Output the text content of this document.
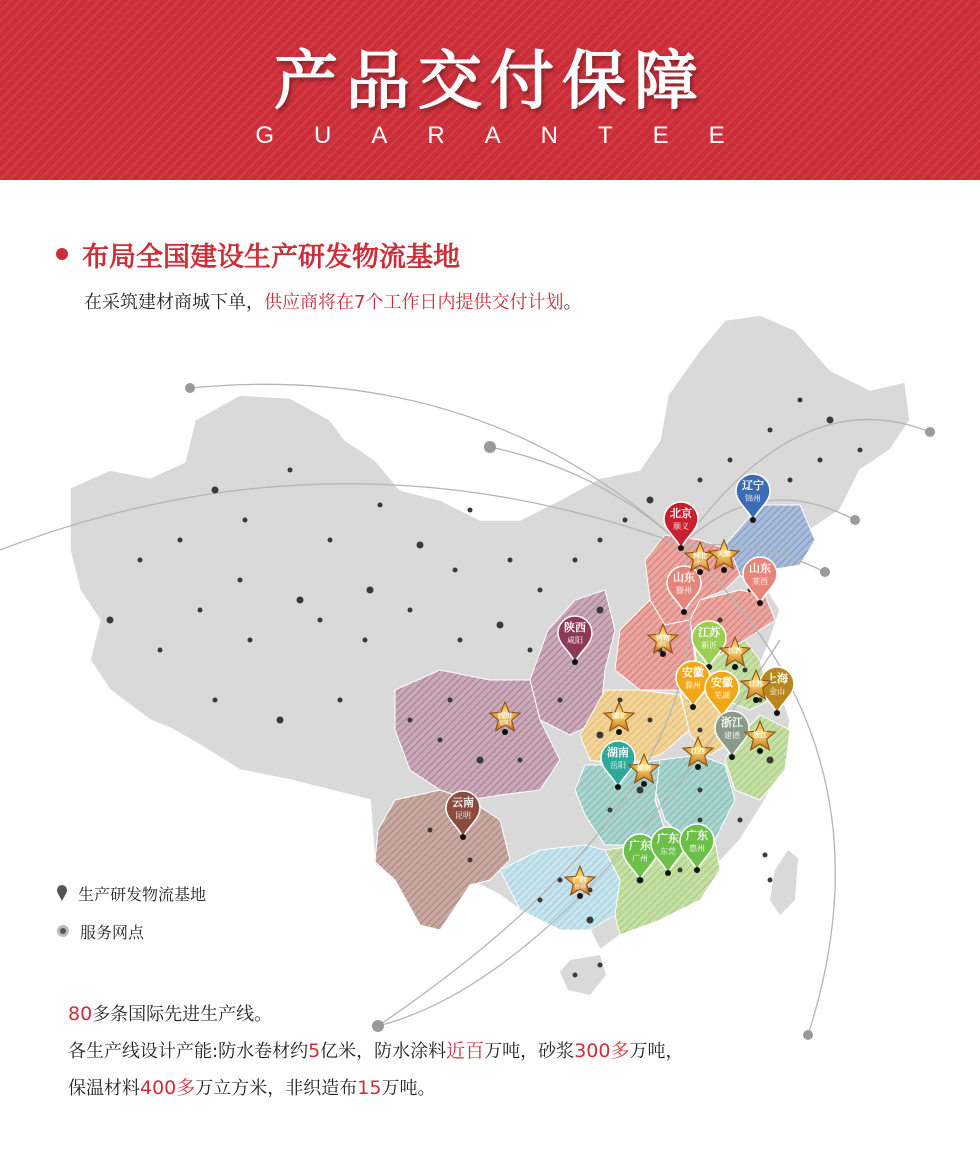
产品交付保障
GUARANTEE
布局全国建设生产研发物流基地
在采筑建材商城下单，供应商将在7个工作日内提供交付计划。
北京
顺义
辽宁
锦州
山东
滕州
山东
莱西
陕西
咸阳
江苏
新沂
安徽
滁州 安徽
芜湖
上海
金山
浙江
建德
湖南
岳阳
云南
昆明
广东
广州
广东
东莞
广东
惠州
河北
唐山
天津
河南
濮阳
江苏
江苏
四川
德阳
湖北
江西
浙江
湖南
广西
贵港
生产研发物流基地
服务网点
80多条国际先进生产线。
各生产线设计产能:防水卷材约5亿米，防水涂料近百万吨，砂浆300多万吨，
保温材料400多万立方米，非织造布15万吨。
